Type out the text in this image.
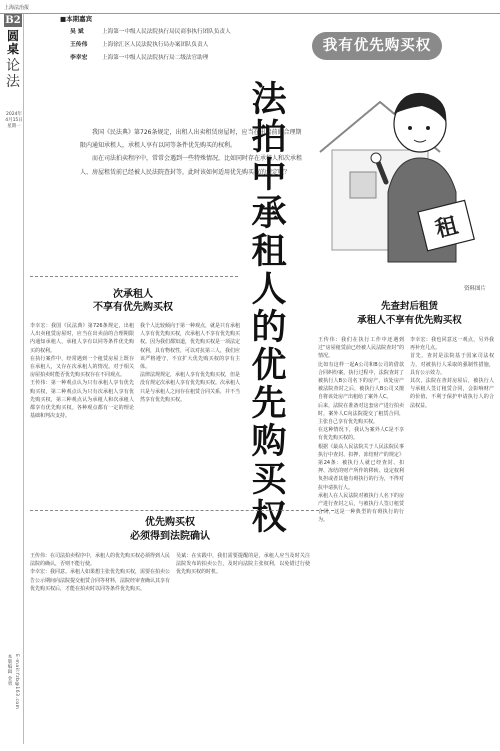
上海法治报
B2
圆桌
论法
2024年
4月15日
星期一
本版编辑 金勇 E-mail:fzb@163.com
■本期嘉宾
吴 斌	上海第一中级人民法院执行局民商事执行团队负责人
王传伟	上海徐汇区人民法院执行局办案团队负责人
李幸宏	上海第一中级人民法院执行局二级法官助理

我国《民法典》第726条规定，出租人出卖租赁房屋时，应当在出卖前的合理期限内通知承租人，承租人享有以同等条件优先购买的权利。

而在司法拍卖程序中，常常会遇到一些特殊情况，比如同时存在承租人和次承租人、房屋租赁前已经被人民法院查封等，此时该如何适用优先购买权的规定呢？

法拍中承租人的优先购买权
我有优先购买权
租
资料图片
次承租人
不享有优先购买权

李幸宏：我国《民法典》第726条规定，出租人出卖租赁房屋时，应当在出卖前的合理期限内通知承租人，承租人享有以同等条件优先购买的权利。

在执行案件中，经常遇到一个租赁房屋上既存在承租人，又存在次承租人的情况。对于相关房屋拍卖时能否优先购买权存在不同观点。

王传伟：第一种观点认为只有承租人享有优先购买权，第二种观点认为只有次承租人享有优先购买权，第三种观点认为承租人和次承租人都享有优先购买权。各种观点都有一定的理论基础和判决支持。

我个人比较倾向于第一种观点，就是只有承租人享有优先购买权，次承租人不享有优先购买权。因为我们都知道，优先购买权是一项法定权利，具有物权性，可以对抗第三人，我们应该严格遵守，不宜扩大优先购买权的享有主体。

法律法规规定，承租人享有优先购买权，但是没有规定次承租人享有优先购买权。次承租人只是与承租人之间存在租赁合同关系，并不当然享有优先购买权。

先查封后租赁
承租人不享有优先购买权

王传伟：我们在执行工作中还遇到过“房屋租赁前已经被人民法院查封”的情况。

比如有这样一起A公司和B公司的借款合同纠纷案，执行过程中，法院查封了被执行人B公司名下的房产，该处房产被法院查封之后，被执行人B公司又擅自将该处房产出租给了案外人C。

后来，法院在准备对这套房产进行拍卖时，案外人C向法院提交了租赁合同，主张自己享有优先购买权。

在这种情况下，我认为案外人C是不享有优先购买权的。

根据《最高人民法院关于人民法院民事执行中查封、扣押、冻结财产的规定》第24条：被执行人就已经查封、扣押、冻结的财产所作的移转、设定权利负担或者其他有碍执行的行为，不得对抗申请执行人。

承租人在人民法院对被执行人名下的房产进行查封之后，与被执行人签订租赁合同，这是一种典型的有碍执行的行为。

李幸宏：我也同意这一观点，另外我再补充几点。

首先，查封是法院基于国家司法权力，对被执行人采取的强制性措施，具有公示效力。

其次，法院在查封房屋后，被执行人与承租人签订租赁合同，会影响财产的价值，不利于保护申请执行人的合法权益。

优先购买权
必须得到法院确认

王传伟：在司法拍卖程序中，承租人的优先购买权必须得到人民法院的确认，否则不能行使。

李幸宏：我同意。承租人如果想主张优先购买权，需要在拍卖公告公示期间向法院提交租赁合同等材料，法院经审查确认其享有优先购买权后，才能在拍卖时以同等条件优先购买。

吴斌：在实践中，我们需要提醒的是，承租人应当及时关注法院发布的拍卖公告，及时向法院主张权利，以免错过行使优先购买权的时机。
